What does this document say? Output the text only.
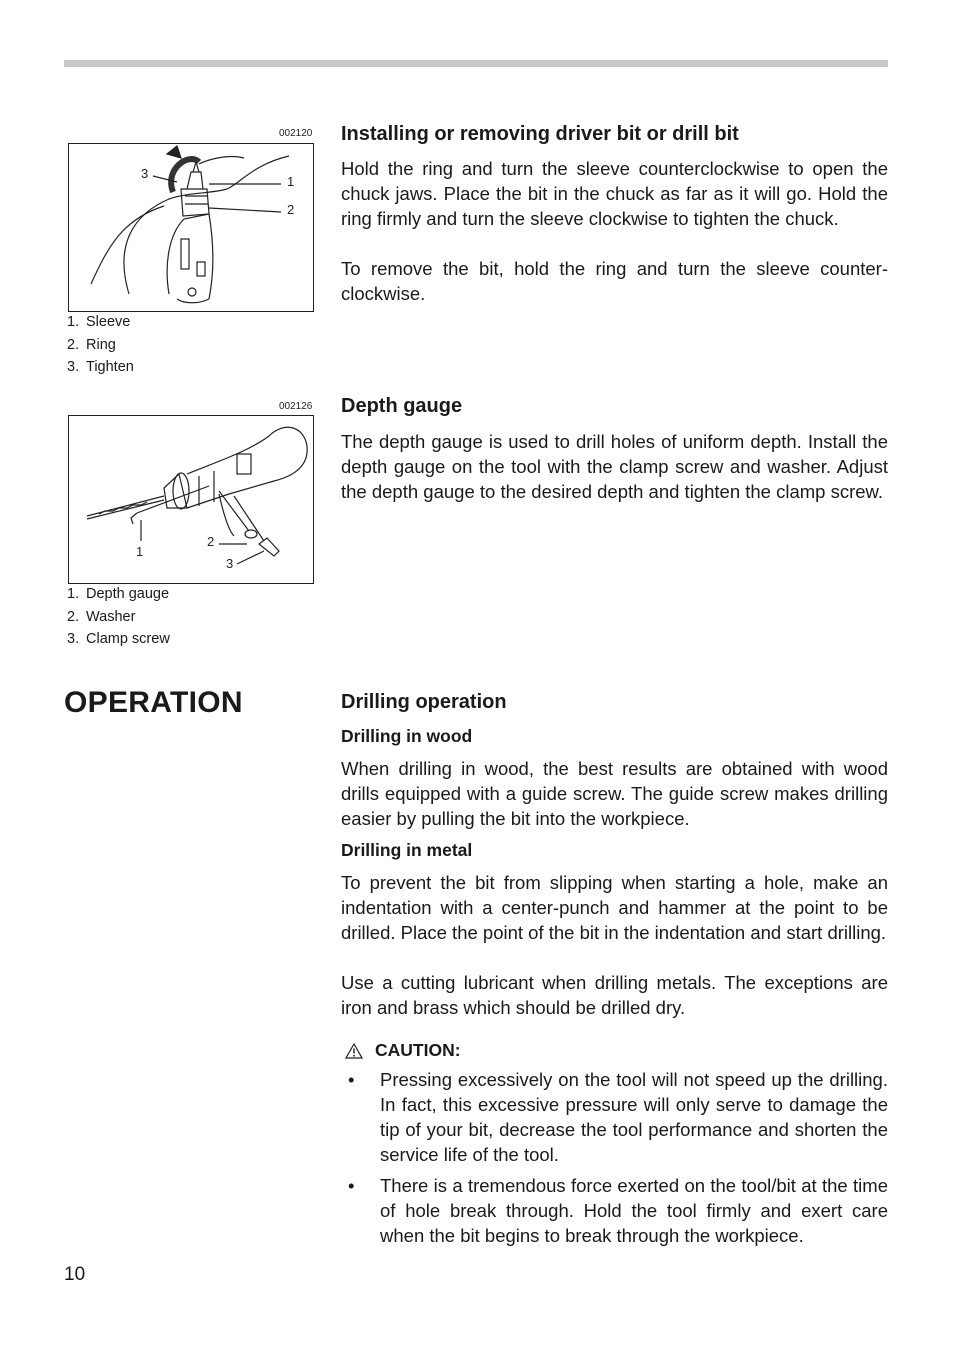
002120
3
1
2
1. Sleeve
2. Ring
3. Tighten
002126
1
2
3
1. Depth gauge
2. Washer
3. Clamp screw
Installing or removing driver bit or drill bit

Hold the ring and turn the sleeve counterclockwise to open the chuck jaws. Place the bit in the chuck as far as it will go. Hold the ring firmly and turn the sleeve clockwise to tighten the chuck.

To remove the bit, hold the ring and turn the sleeve counter-clockwise.

Depth gauge

The depth gauge is used to drill holes of uniform depth. Install the depth gauge on the tool with the clamp screw and washer. Adjust the depth gauge to the desired depth and tighten the clamp screw.

OPERATION	Drilling operation
Drilling in wood

When drilling in wood, the best results are obtained with wood drills equipped with a guide screw. The guide screw makes drilling easier by pulling the bit into the workpiece.

Drilling in metal

To prevent the bit from slipping when starting a hole, make an indentation with a center-punch and hammer at the point to be drilled. Place the point of the bit in the indentation and start drilling.

Use a cutting lubricant when drilling metals. The exceptions are iron and brass which should be drilled dry.

CAUTION:
• Pressing excessively on the tool will not speed up the drilling. In fact, this excessive pressure will only serve to damage the tip of your bit, decrease the tool performance and shorten the service life of the tool.
• There is a tremendous force exerted on the tool/bit at the time of hole break through. Hold the tool firmly and exert care when the bit begins to break through the workpiece.
10
